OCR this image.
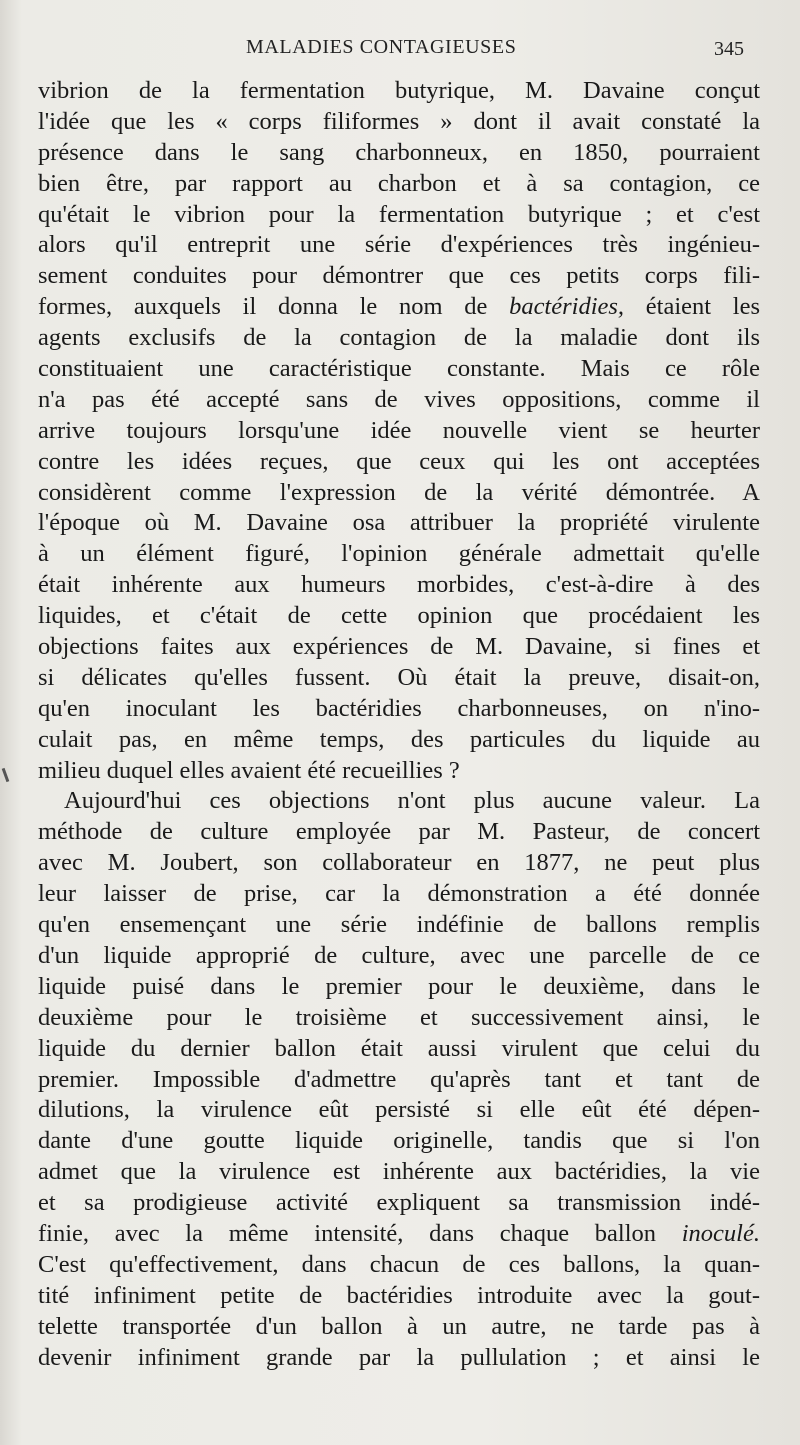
MALADIES CONTAGIEUSES	345
vibrion de la fermentation butyrique, M. Davaine conçut
l'idée que les « corps filiformes » dont il avait constaté la
présence dans le sang charbonneux, en 1850, pourraient
bien être, par rapport au charbon et à sa contagion, ce
qu'était le vibrion pour la fermentation butyrique ; et c'est
alors qu'il entreprit une série d'expériences très ingénieu-
sement conduites pour démontrer que ces petits corps fili-
formes, auxquels il donna le nom de bactéridies, étaient les
agents exclusifs de la contagion de la maladie dont ils
constituaient une caractéristique constante. Mais ce rôle
n'a pas été accepté sans de vives oppositions, comme il
arrive toujours lorsqu'une idée nouvelle vient se heurter
contre les idées reçues, que ceux qui les ont acceptées
considèrent comme l'expression de la vérité démontrée. A
l'époque où M. Davaine osa attribuer la propriété virulente
à un élément figuré, l'opinion générale admettait qu'elle
était inhérente aux humeurs morbides, c'est-à-dire à des
liquides, et c'était de cette opinion que procédaient les
objections faites aux expériences de M. Davaine, si fines et
si délicates qu'elles fussent. Où était la preuve, disait-on,
qu'en inoculant les bactéridies charbonneuses, on n'ino-
culait pas, en même temps, des particules du liquide au
milieu duquel elles avaient été recueillies ?
Aujourd'hui ces objections n'ont plus aucune valeur. La
méthode de culture employée par M. Pasteur, de concert
avec M. Joubert, son collaborateur en 1877, ne peut plus
leur laisser de prise, car la démonstration a été donnée
qu'en ensemençant une série indéfinie de ballons remplis
d'un liquide approprié de culture, avec une parcelle de ce
liquide puisé dans le premier pour le deuxième, dans le
deuxième pour le troisième et successivement ainsi, le
liquide du dernier ballon était aussi virulent que celui du
premier. Impossible d'admettre qu'après tant et tant de
dilutions, la virulence eût persisté si elle eût été dépen-
dante d'une goutte liquide originelle, tandis que si l'on
admet que la virulence est inhérente aux bactéridies, la vie
et sa prodigieuse activité expliquent sa transmission indé-
finie, avec la même intensité, dans chaque ballon inoculé.
C'est qu'effectivement, dans chacun de ces ballons, la quan-
tité infiniment petite de bactéridies introduite avec la gout-
telette transportée d'un ballon à un autre, ne tarde pas à
devenir infiniment grande par la pullulation ; et ainsi le
